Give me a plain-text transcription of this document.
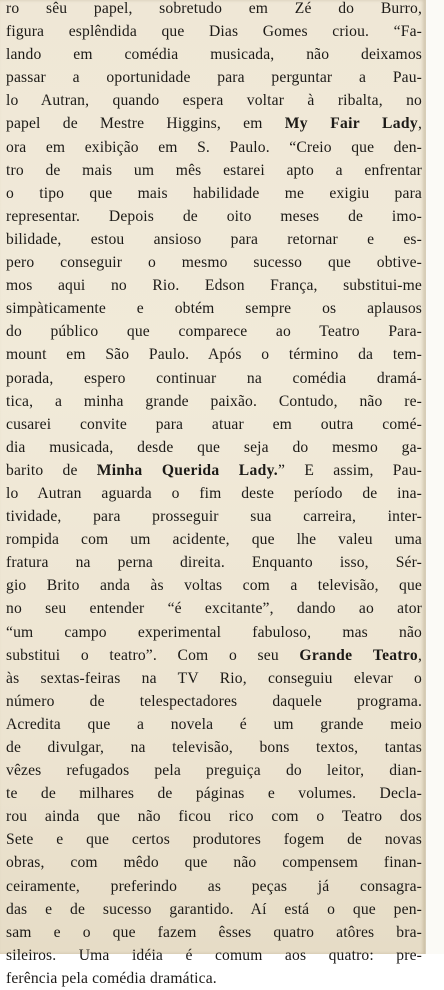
ro sêu papel, sobretudo em Zé do Burro,
figura esplêndida que Dias Gomes criou. “Fa-
lando em comédia musicada, não deixamos
passar a oportunidade para perguntar a Pau-
lo Autran, quando espera voltar à ribalta, no
papel de Mestre Higgins, em My Fair Lady,
ora em exibição em S. Paulo. “Creio que den-
tro de mais um mês estarei apto a enfrentar
o tipo que mais habilidade me exigiu para
representar. Depois de oito meses de imo-
bilidade, estou ansioso para retornar e es-
pero conseguir o mesmo sucesso que obtive-
mos aqui no Rio. Edson França, substitui-me
simpàticamente e obtém sempre os aplausos
do público que comparece ao Teatro Para-
mount em São Paulo. Após o término da tem-
porada, espero continuar na comédia dramá-
tica, a minha grande paixão. Contudo, não re-
cusarei convite para atuar em outra comé-
dia musicada, desde que seja do mesmo ga-
barito de Minha Querida Lady.” E assim, Pau-
lo Autran aguarda o fim deste período de ina-
tividade, para prosseguir sua carreira, inter-
rompida com um acidente, que lhe valeu uma
fratura na perna direita. Enquanto isso, Sér-
gio Brito anda às voltas com a televisão, que
no seu entender “é excitante”, dando ao ator
“um campo experimental fabuloso, mas não
substitui o teatro”. Com o seu Grande Teatro,
às sextas-feiras na TV Rio, conseguiu elevar o
número de telespectadores daquele programa.
Acredita que a novela é um grande meio
de divulgar, na televisão, bons textos, tantas
vêzes refugados pela preguiça do leitor, dian-
te de milhares de páginas e volumes. Decla-
rou ainda que não ficou rico com o Teatro dos
Sete e que certos produtores fogem de novas
obras, com mêdo que não compensem finan-
ceiramente, preferindo as peças já consagra-
das e de sucesso garantido. Aí está o que pen-
sam e o que fazem êsses quatro atôres bra-
sileiros. Uma idéia é comum aos quatro: pre-
ferência pela comédia dramática.
